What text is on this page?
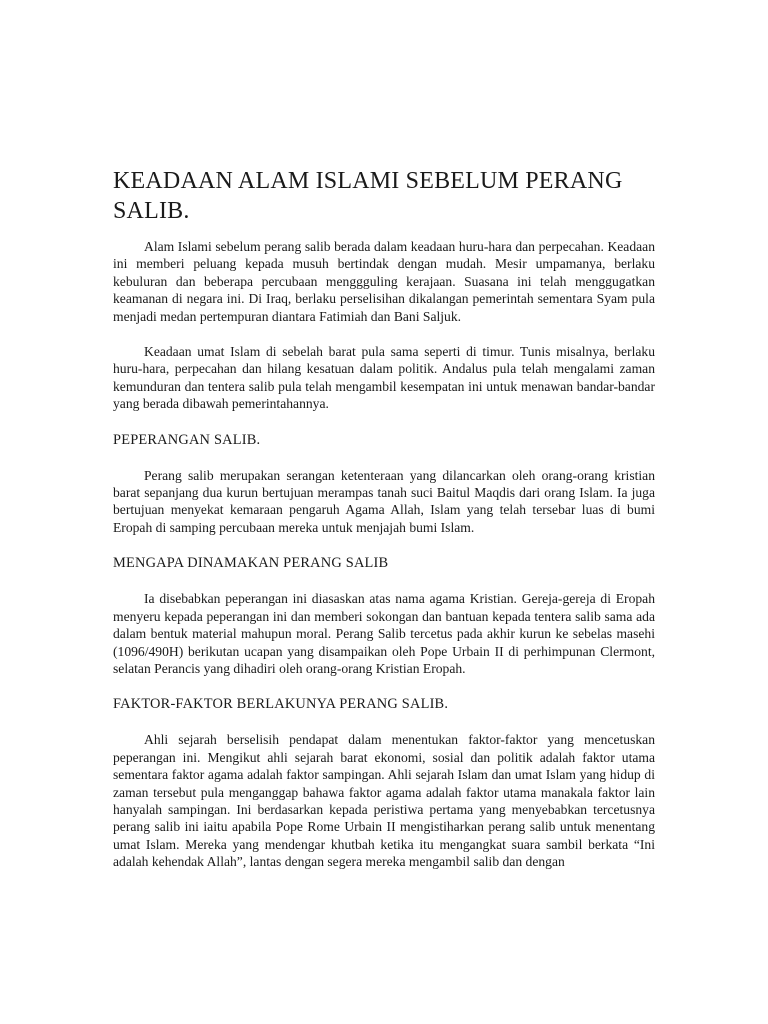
KEADAAN ALAM ISLAMI SEBELUM PERANG SALIB.

Alam Islami sebelum perang salib berada dalam keadaan huru-hara dan perpecahan. Keadaan ini memberi peluang kepada musuh bertindak dengan mudah. Mesir umpamanya, berlaku kebuluran dan beberapa percubaan menggguling kerajaan. Suasana ini telah menggugatkan keamanan di negara ini. Di Iraq, berlaku perselisihan dikalangan pemerintah sementara Syam pula menjadi medan pertempuran diantara Fatimiah dan Bani Saljuk.

Keadaan umat Islam di sebelah barat pula sama seperti di timur. Tunis misalnya, berlaku huru-hara, perpecahan dan hilang kesatuan dalam politik. Andalus pula telah mengalami zaman kemunduran dan tentera salib pula telah mengambil kesempatan ini untuk menawan bandar-bandar yang berada dibawah pemerintahannya.

PEPERANGAN SALIB.

Perang salib merupakan serangan ketenteraan yang dilancarkan oleh orang-orang kristian barat sepanjang dua kurun bertujuan merampas tanah suci Baitul Maqdis dari orang Islam. Ia juga bertujuan menyekat kemaraan pengaruh Agama Allah, Islam yang telah tersebar luas di bumi Eropah di samping percubaan mereka untuk menjajah bumi Islam.

MENGAPA DINAMAKAN PERANG SALIB

Ia disebabkan peperangan ini diasaskan atas nama agama Kristian. Gereja-gereja di Eropah menyeru kepada peperangan ini dan memberi sokongan dan bantuan kepada tentera salib sama ada dalam bentuk material mahupun moral. Perang Salib tercetus pada akhir kurun ke sebelas masehi (1096/490H) berikutan ucapan yang disampaikan oleh Pope Urbain II di perhimpunan Clermont, selatan Perancis yang dihadiri oleh orang-orang Kristian Eropah.

FAKTOR-FAKTOR BERLAKUNYA PERANG SALIB.

Ahli sejarah berselisih pendapat dalam menentukan faktor-faktor yang mencetuskan peperangan ini. Mengikut ahli sejarah barat ekonomi, sosial dan politik adalah faktor utama sementara faktor agama adalah faktor sampingan. Ahli sejarah Islam dan umat Islam yang hidup di zaman tersebut pula menganggap bahawa faktor agama adalah faktor utama manakala faktor lain hanyalah sampingan. Ini berdasarkan kepada peristiwa pertama yang menyebabkan tercetusnya perang salib ini iaitu apabila Pope Rome Urbain II mengistiharkan perang salib untuk menentang umat Islam. Mereka yang mendengar khutbah ketika itu mengangkat suara sambil berkata “Ini adalah kehendak Allah”, lantas dengan segera mereka mengambil salib dan dengan
